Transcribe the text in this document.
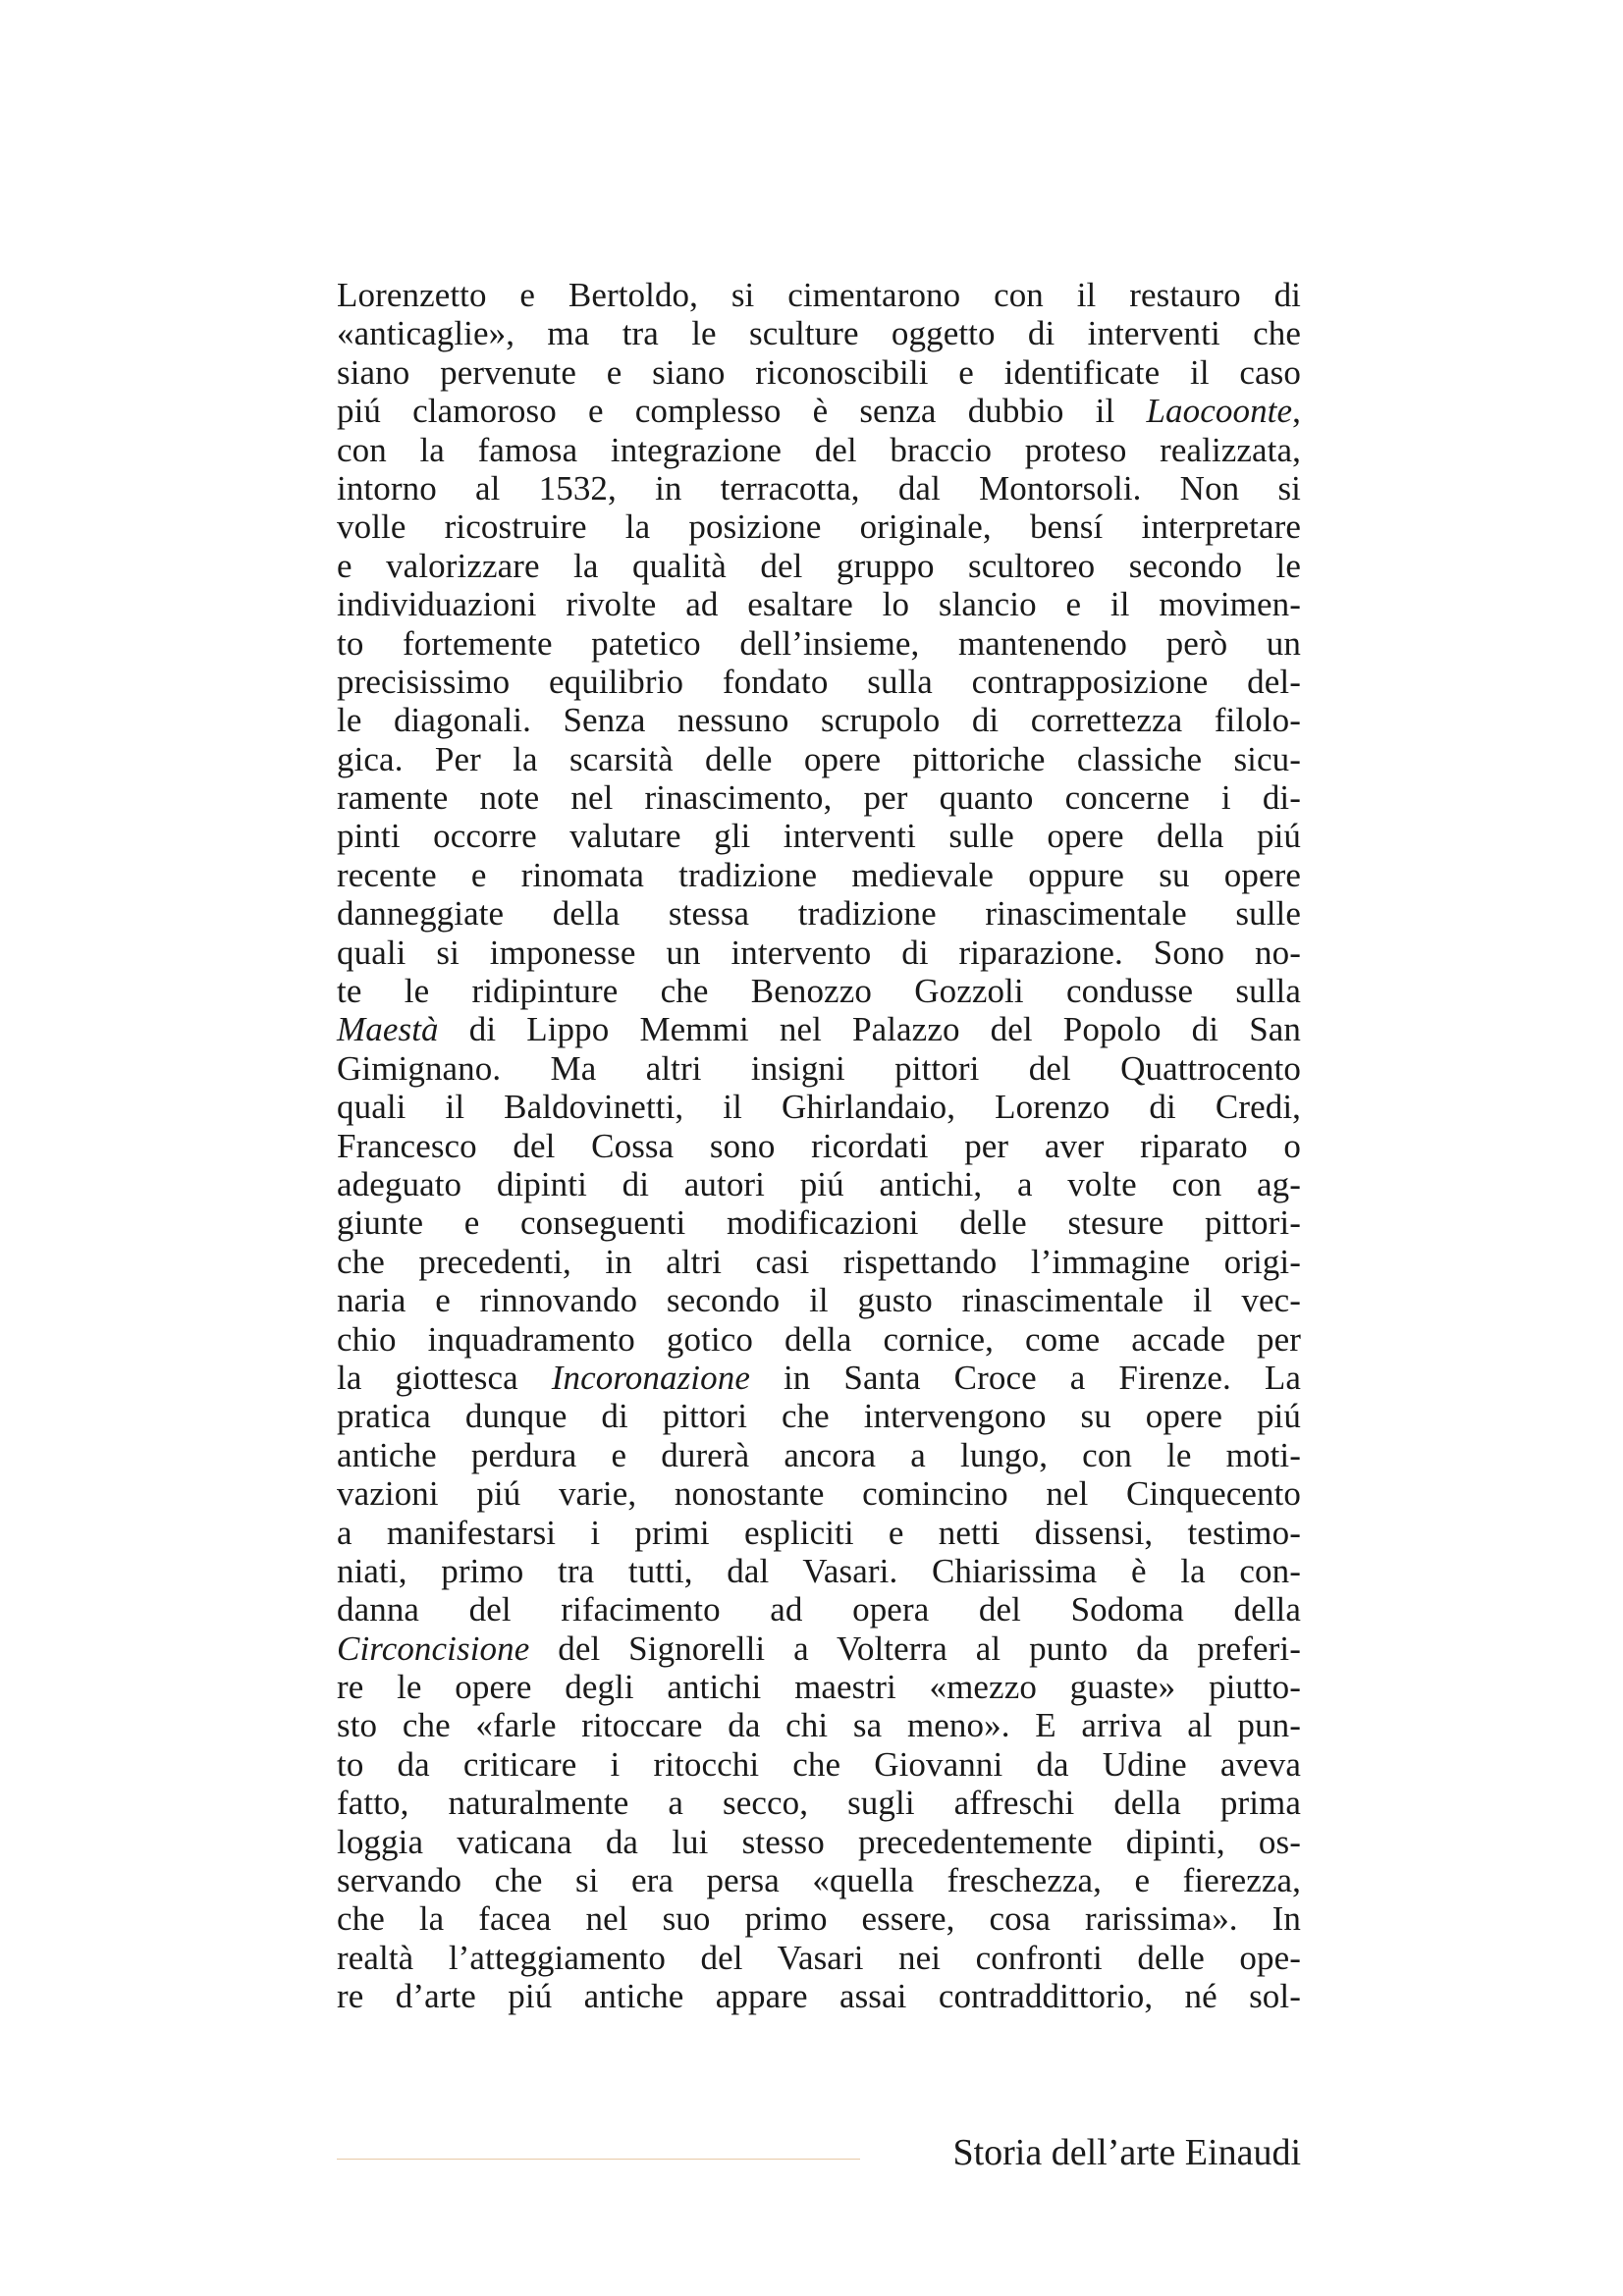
Lorenzetto e Bertoldo, si cimentarono con il restauro di
«anticaglie», ma tra le sculture oggetto di interventi che
siano pervenute e siano riconoscibili e identificate il caso
piú clamoroso e complesso è senza dubbio il Laocoonte,
con la famosa integrazione del braccio proteso realizzata,
intorno al 1532, in terracotta, dal Montorsoli. Non si
volle ricostruire la posizione originale, bensí interpretare
e valorizzare la qualità del gruppo scultoreo secondo le
individuazioni rivolte ad esaltare lo slancio e il movimen-
to fortemente patetico dell’insieme, mantenendo però un
precisissimo equilibrio fondato sulla contrapposizione del-
le diagonali. Senza nessuno scrupolo di correttezza filolo-
gica. Per la scarsità delle opere pittoriche classiche sicu-
ramente note nel rinascimento, per quanto concerne i di-
pinti occorre valutare gli interventi sulle opere della piú
recente e rinomata tradizione medievale oppure su opere
danneggiate della stessa tradizione rinascimentale sulle
quali si imponesse un intervento di riparazione. Sono no-
te le ridipinture che Benozzo Gozzoli condusse sulla
Maestà di Lippo Memmi nel Palazzo del Popolo di San
Gimignano. Ma altri insigni pittori del Quattrocento
quali il Baldovinetti, il Ghirlandaio, Lorenzo di Credi,
Francesco del Cossa sono ricordati per aver riparato o
adeguato dipinti di autori piú antichi, a volte con ag-
giunte e conseguenti modificazioni delle stesure pittori-
che precedenti, in altri casi rispettando l’immagine origi-
naria e rinnovando secondo il gusto rinascimentale il vec-
chio inquadramento gotico della cornice, come accade per
la giottesca Incoronazione in Santa Croce a Firenze. La
pratica dunque di pittori che intervengono su opere piú
antiche perdura e durerà ancora a lungo, con le moti-
vazioni piú varie, nonostante comincino nel Cinquecento
a manifestarsi i primi espliciti e netti dissensi, testimo-
niati, primo tra tutti, dal Vasari. Chiarissima è la con-
danna del rifacimento ad opera del Sodoma della
Circoncisione del Signorelli a Volterra al punto da preferi-
re le opere degli antichi maestri «mezzo guaste» piutto-
sto che «farle ritoccare da chi sa meno». E arriva al pun-
to da criticare i ritocchi che Giovanni da Udine aveva
fatto, naturalmente a secco, sugli affreschi della prima
loggia vaticana da lui stesso precedentemente dipinti, os-
servando che si era persa «quella freschezza, e fierezza,
che la facea nel suo primo essere, cosa rarissima». In
realtà l’atteggiamento del Vasari nei confronti delle ope-
re d’arte piú antiche appare assai contraddittorio, né sol-
Storia dell’arte Einaudi
